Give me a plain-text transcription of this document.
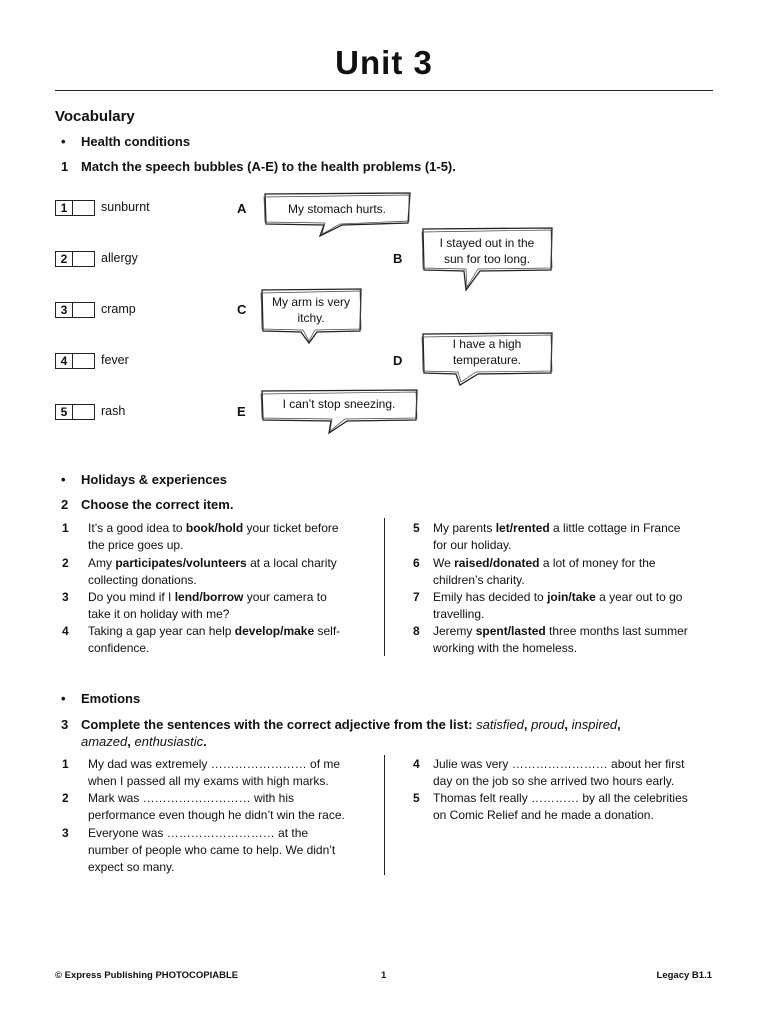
Unit 3
Vocabulary
• Health conditions
1 Match the speech bubbles (A-E) to the health problems (1-5).
1	sunburnt
2	allergy
3	cramp
4	fever
5	rash
A
B
C
D
E
My stomach hurts.
I stayed out in the
sun for too long.
My arm is very
itchy.
I have a high
temperature.
I can’t stop sneezing.
• Holidays & experiences
2 Choose the correct item.
1	It’s a good idea to book/hold your ticket before
the price goes up.
2	Amy participates/volunteers at a local charity
collecting donations.
3	Do you mind if I lend/borrow your camera to
take it on holiday with me?
4	Taking a gap year can help develop/make self-
confidence.
5	My parents let/rented a little cottage in France
for our holiday.
6	We raised/donated a lot of money for the
children’s charity.
7	Emily has decided to join/take a year out to go
travelling.
8	Jeremy spent/lasted three months last summer
working with the homeless.
• Emotions
3 Complete the sentences with the correct adjective from the list: satisfied, proud, inspired,
amazed, enthusiastic.
1	My dad was extremely …………………… of me
when I passed all my exams with high marks.
2	Mark was ……………………… with his
performance even though he didn’t win the race.
3	Everyone was ……………………… at the
number of people who came to help. We didn’t
expect so many.
4	Julie was very …………………… about her first
day on the job so she arrived two hours early.
5	Thomas felt really ………… by all the celebrities
on Comic Relief and he made a donation.
© Express Publishing PHOTOCOPIABLE	1	Legacy B1.1
